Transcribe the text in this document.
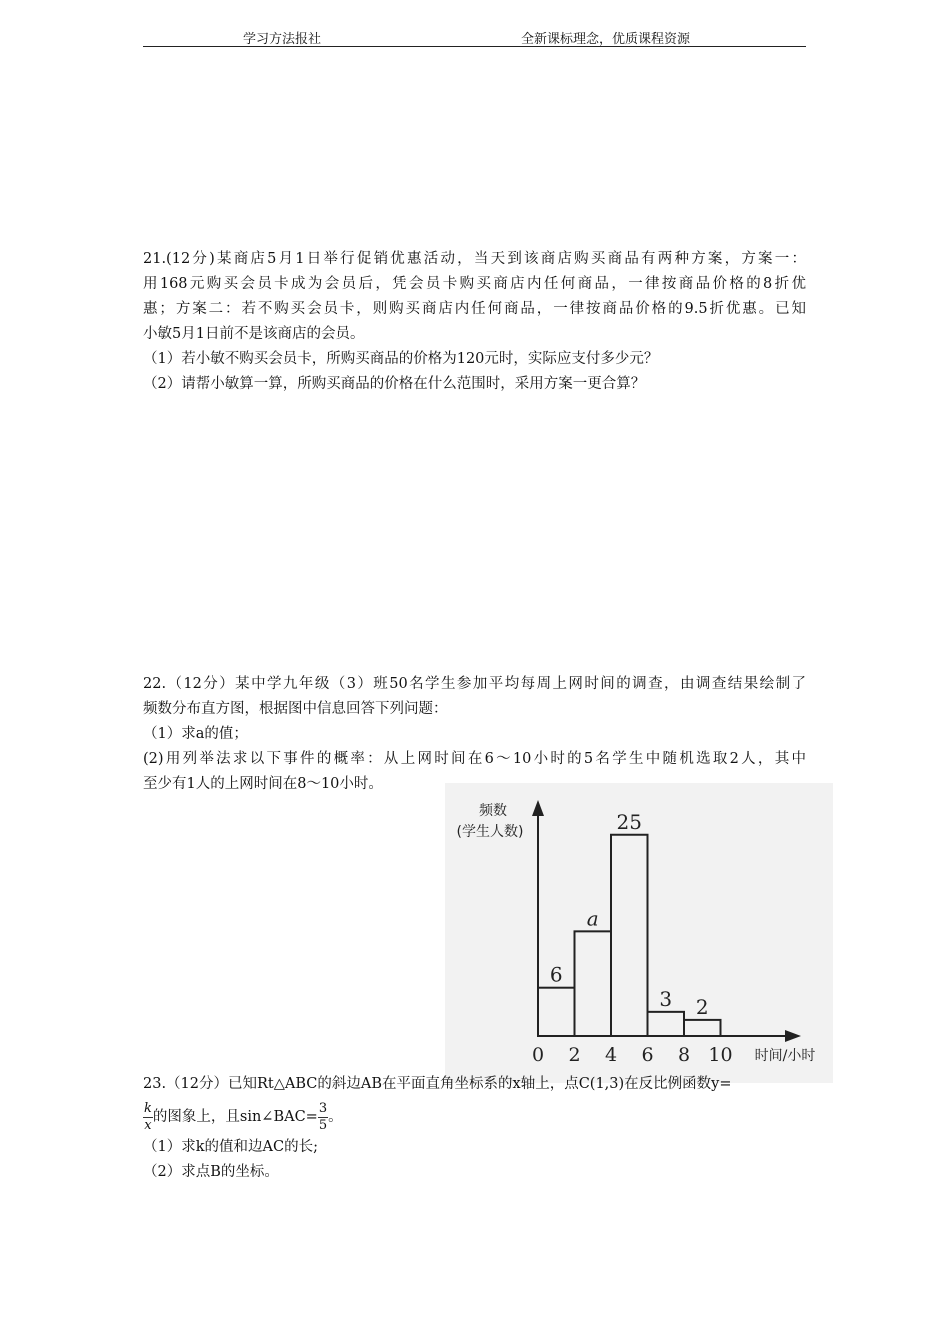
学习方法报社	全新课标理念，优质课程资源
21.(12分)某商店5月1日举行促销优惠活动，当天到该商店购买商品有两种方案，方案一：
用168元购买会员卡成为会员后，凭会员卡购买商店内任何商品，一律按商品价格的8折优
惠；方案二：若不购买会员卡，则购买商店内任何商品，一律按商品价格的9.5折优惠。已知
小敏5月1日前不是该商店的会员。
（1）若小敏不购买会员卡，所购买商品的价格为120元时，实际应支付多少元？
（2）请帮小敏算一算，所购买商品的价格在什么范围时，采用方案一更合算？
22.（12分）某中学九年级（3）班50名学生参加平均每周上网时间的调查，由调查结果绘制了
频数分布直方图，根据图中信息回答下列问题：
（1）求a的值；
(2)用列举法求以下事件的概率：从上网时间在6～10小时的5名学生中随机选取2人，其中
至少有1人的上网时间在8～10小时。
频数
(学生人数)
时间/小时
0 2 4 6 8 10
6
a
25
3 2
23.（12分）已知Rt△ABC的斜边AB在平面直角坐标系的x轴上，点C(1,3)在反比例函数y=
$\frac{k}{x}$ 的图象上，且sin∠BAC= $\frac{3}{5}$ 。
（1）求k的值和边AC的长;
（2）求点B的坐标。
